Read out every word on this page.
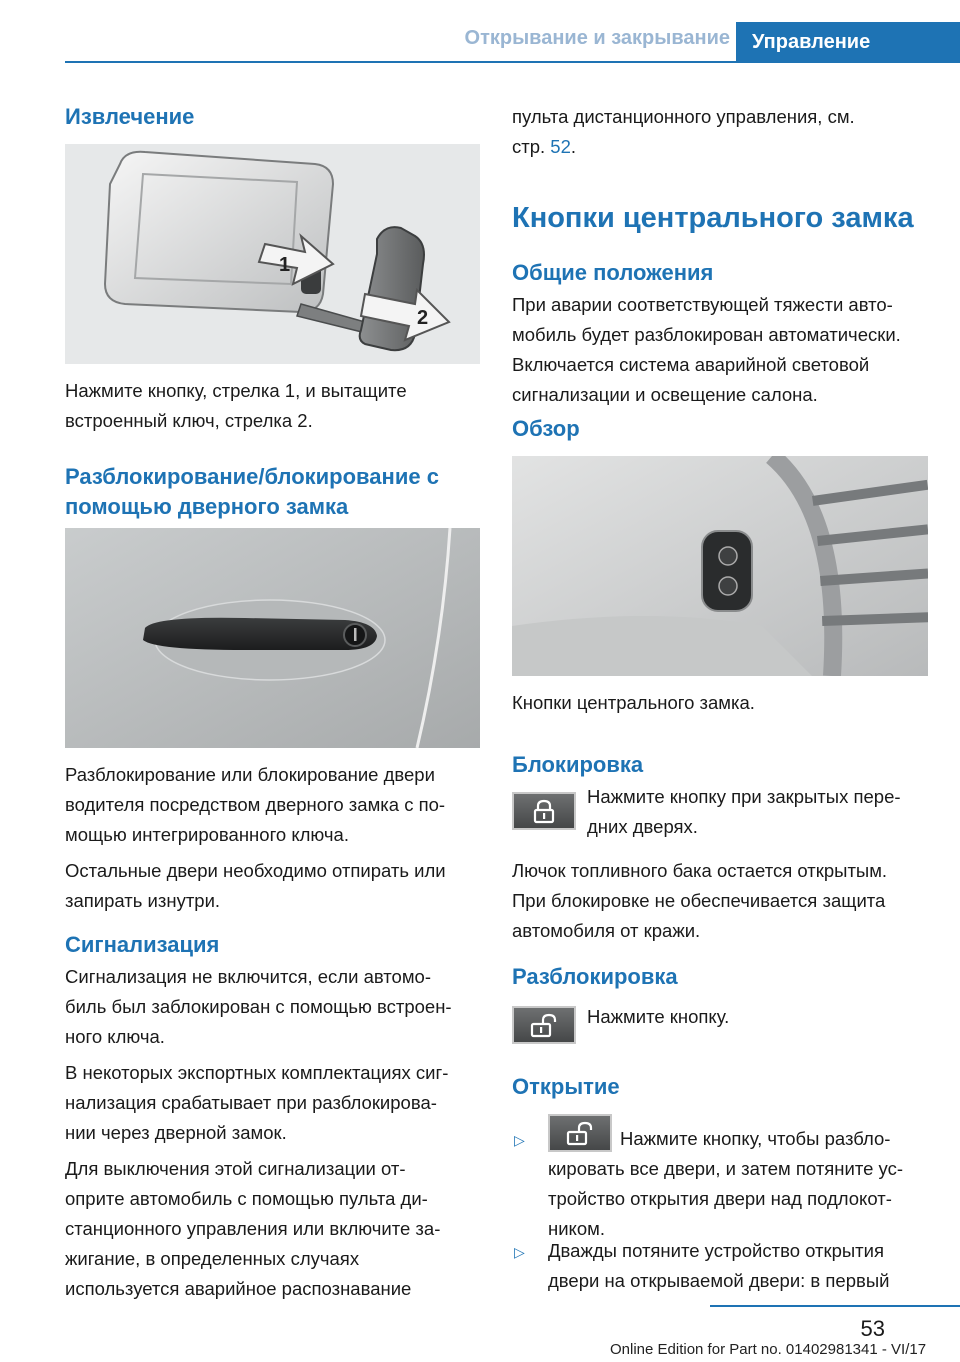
Открывание и закрывание Управление
Извлечение
1
2

Нажмите кнопку, стрелка 1, и вытащите

встроенный ключ, стрелка 2.

Разблокирование/блокирование с
помощью дверного замка

Разблокирование или блокирование двери

водителя посредством дверного замка с по-

мощью интегрированного ключа.

Остальные двери необходимо отпирать или

запирать изнутри.

Сигнализация

Сигнализация не включится, если автомо-

биль был заблокирован с помощью встроен-

ного ключа.

В некоторых экспортных комплектациях сиг-

нализация срабатывает при разблокирова-

нии через дверной замок.

Для выключения этой сигнализации от-

оприте автомобиль с помощью пульта ди-

станционного управления или включите за-

жигание, в определенных случаях

используется аварийное распознавание

пульта дистанционного управления, см.

стр. 52.

Кнопки центрального замка
Общие положения

При аварии соответствующей тяжести авто-

мобиль будет разблокирован автоматически.

Включается система аварийной световой

сигнализации и освещение салона.

Обзор

Кнопки центрального замка.

Блокировка

Нажмите кнопку при закрытых пере-

дних дверях.

Лючок топливного бака остается открытым.

При блокировке не обеспечивается защита

автомобиля от кражи.

Разблокировка

Нажмите кнопку.

Открытие
▷	Нажмите кнопку, чтобы разбло-

кировать все двери, и затем потяните ус-

тройство открытия двери над подлокот-

ником.

▷ Дважды потяните устройство открытия

двери на открываемой двери: в первый

53
Online Edition for Part no. 01402981341 - VI/17
